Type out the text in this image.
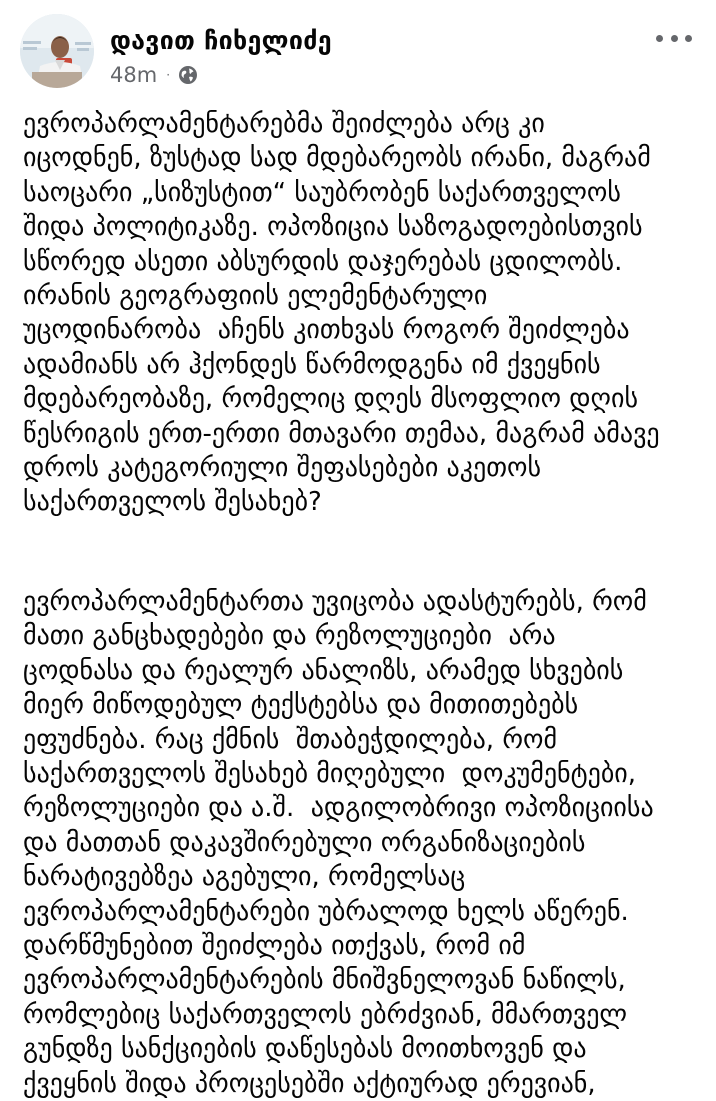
დავით ჩიხელიძე
48m ·

ევროპარლამენტარებმა შეიძლება არც კი

იცოდნენ, ზუსტად სად მდებარეობს ირანი, მაგრამ

საოცარი „სიზუსტით“ საუბრობენ საქართველოს

შიდა პოლიტიკაზე. ოპოზიცია საზოგადოებისთვის

სწორედ ასეთი აბსურდის დაჯერებას ცდილობს.

ირანის გეოგრაფიის ელემენტარული

უცოდინარობა  აჩენს კითხვას როგორ შეიძლება

ადამიანს არ ჰქონდეს წარმოდგენა იმ ქვეყნის

მდებარეობაზე, რომელიც დღეს მსოფლიო დღის

წესრიგის ერთ-ერთი მთავარი თემაა, მაგრამ ამავე

დროს კატეგორიული შეფასებები აკეთოს

საქართველოს შესახებ?

ევროპარლამენტართა უვიცობა ადასტურებს, რომ

მათი განცხადებები და რეზოლუციები  არა

ცოდნასა და რეალურ ანალიზს, არამედ სხვების

მიერ მიწოდებულ ტექსტებსა და მითითებებს

ეფუძნება. რაც ქმნის  შთაბეჭდილება, რომ

საქართველოს შესახებ მიღებული  დოკუმენტები,

რეზოლუციები და ა.შ.  ადგილობრივი ოპოზიციისა

და მათთან დაკავშირებული ორგანიზაციების

ნარატივებზეა აგებული, რომელსაც

ევროპარლამენტარები უბრალოდ ხელს აწერენ.

დარწმუნებით შეიძლება ითქვას, რომ იმ

ევროპარლამენტარების მნიშვნელოვან ნაწილს,

რომლებიც საქართველოს ებრძვიან, მმართველ

გუნდზე სანქციების დაწესებას მოითხოვენ და

ქვეყნის შიდა პროცესებში აქტიურად ერევიან,
